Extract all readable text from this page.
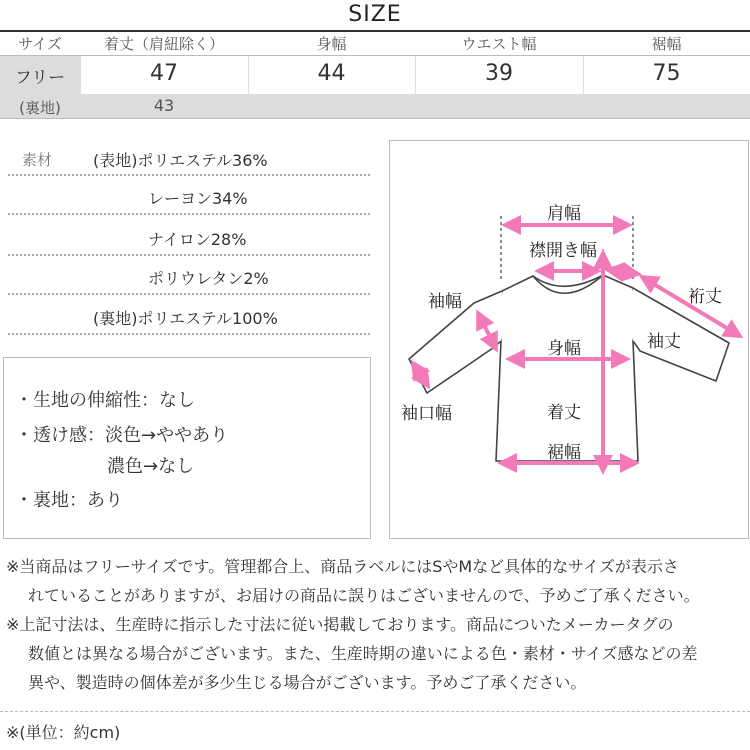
SIZE
サイズ	着丈（肩紐除く）	身幅	ウエスト幅	裾幅
フリー	47	44	39	75
(裏地)	43
素材	(表地)ポリエステル36%
レーヨン34%
ナイロン28%
ポリウレタン2%
(裏地)ポリエステル100%
・生地の伸縮性：なし
・透け感：淡色→ややあり
濃色→なし
・裏地：あり
肩幅
襟開き幅
袖幅	裄丈
袖丈
身幅
袖口幅	着丈
裾幅
※当商品はフリーサイズです。管理都合上、商品ラベルにはSやMなど具体的なサイズが表示さ
れていることがありますが、お届けの商品に誤りはございませんので、予めご了承ください。
※上記寸法は、生産時に指示した寸法に従い掲載しております。商品についたメーカータグの
数値とは異なる場合がございます。また、生産時期の違いによる色・素材・サイズ感などの差
異や、製造時の個体差が多少生じる場合がございます。予めご了承ください。
※(単位：約cm)
